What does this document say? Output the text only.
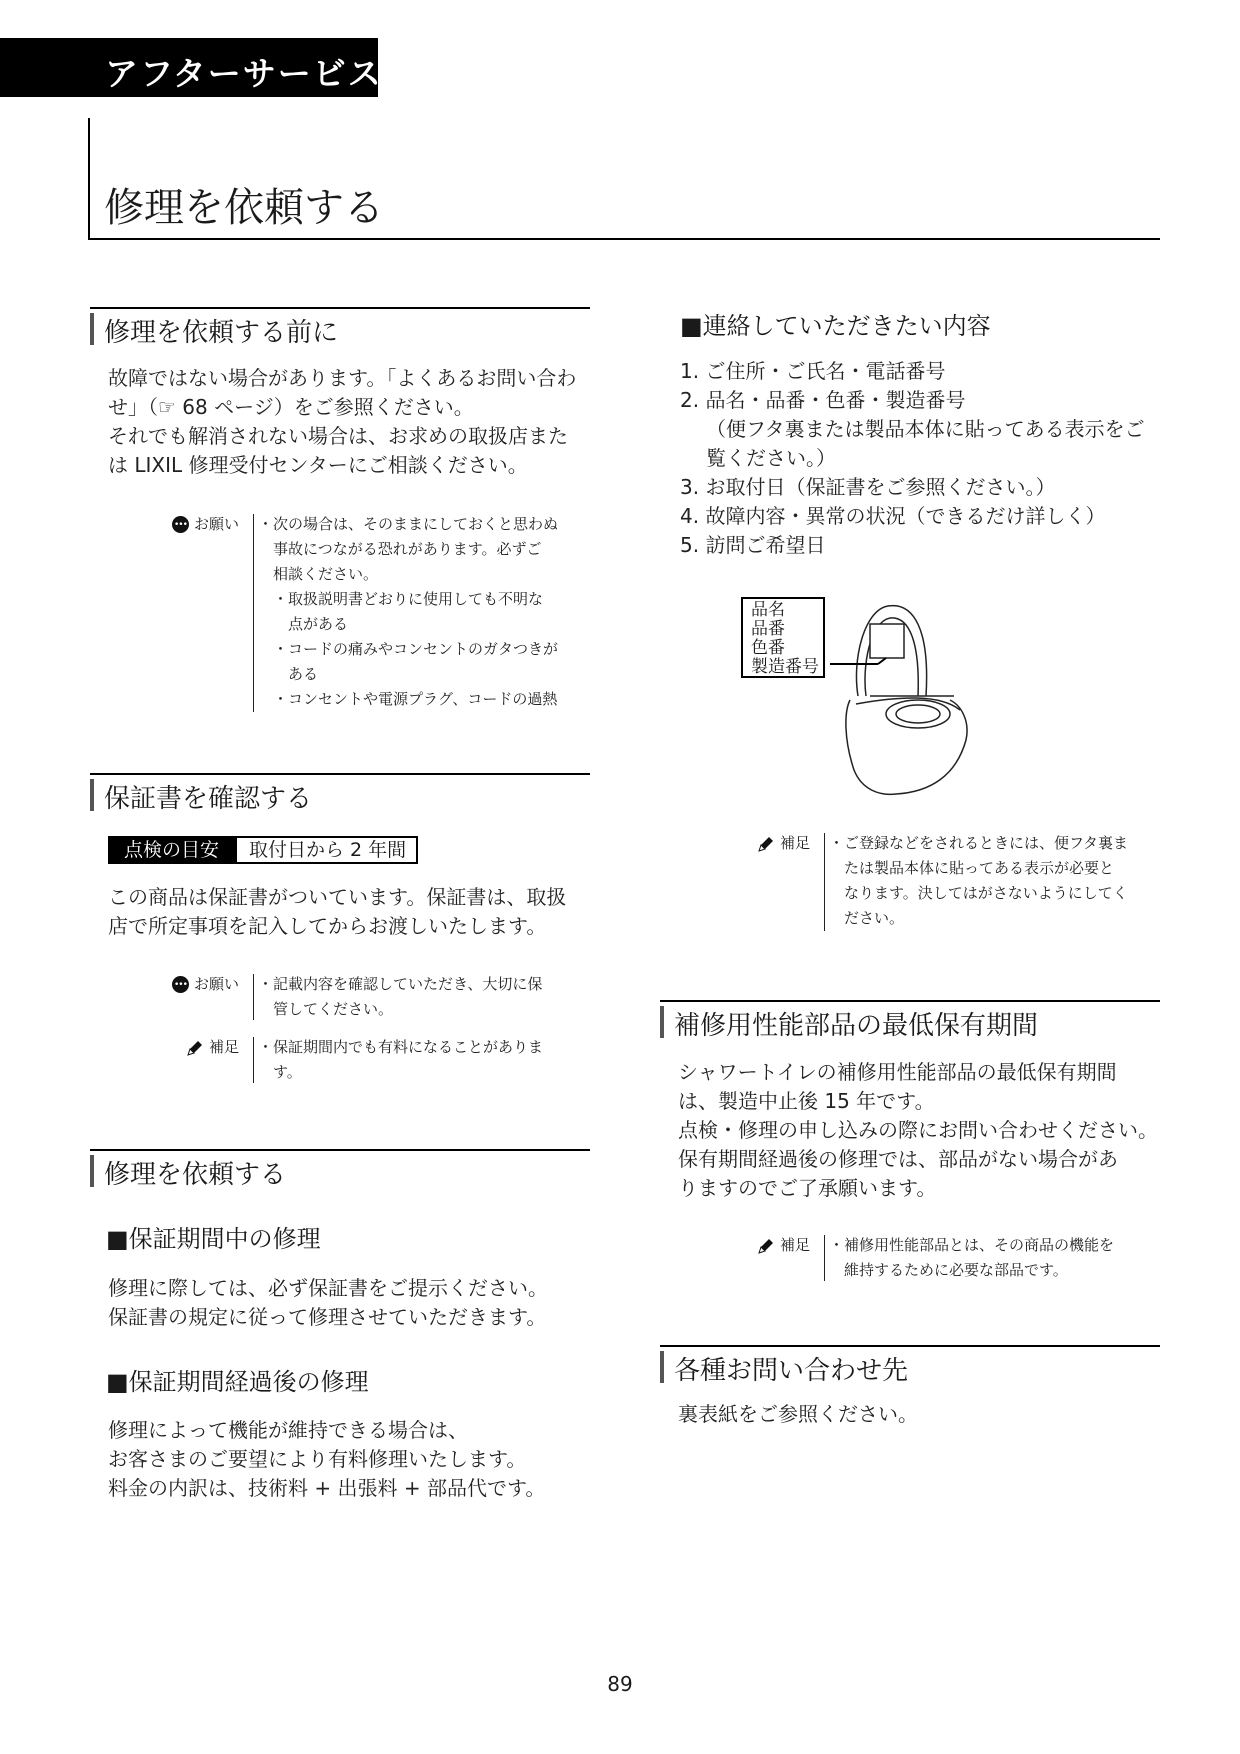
アフターサービス
修理を依頼する
修理を依頼する前に
故障ではない場合があります。「よくあるお問い合わ
せ」（☞ 68 ページ）をご参照ください。
それでも解消されない場合は、お求めの取扱店また
は LIXIL 修理受付センターにご相談ください。
•••
お願い ・次の場合は、そのままにしておくと思わぬ
　事故につながる恐れがあります。必ずご
　相談ください。
　・取扱説明書どおりに使用しても不明な
　　点がある
　・コードの痛みやコンセントのガタつきが
　　ある
　・コンセントや電源プラグ、コードの過熱
保証書を確認する
点検の目安	取付日から 2 年間
この商品は保証書がついています。保証書は、取扱
店で所定事項を記入してからお渡しいたします。
•••
お願い ・記載内容を確認していただき、大切に保
　管してください。
補足 ・保証期間内でも有料になることがありま
　す。
修理を依頼する
■保証期間中の修理
修理に際しては、必ず保証書をご提示ください。
保証書の規定に従って修理させていただきます。
■保証期間経過後の修理
修理によって機能が維持できる場合は、
お客さまのご要望により有料修理いたします。
料金の内訳は、技術料 + 出張料 + 部品代です。
■連絡していただきたい内容
1. ご住所・ご氏名・電話番号
2. 品名・品番・色番・製造番号
（便フタ裏または製品本体に貼ってある表示をご
覧ください。）
3. お取付日（保証書をご参照ください。）
4. 故障内容・異常の状況（できるだけ詳しく）
5. 訪問ご希望日
品名
品番
色番
製造番号
補足 ・ご登録などをされるときには、便フタ裏ま
　たは製品本体に貼ってある表示が必要と
　なります。決してはがさないようにしてく
　ださい。
補修用性能部品の最低保有期間
シャワートイレの補修用性能部品の最低保有期間
は、製造中止後 15 年です。
点検・修理の申し込みの際にお問い合わせください。
保有期間経過後の修理では、部品がない場合があ
りますのでご了承願います。
補足 ・補修用性能部品とは、その商品の機能を
　維持するために必要な部品です。
各種お問い合わせ先
裏表紙をご参照ください。
89
